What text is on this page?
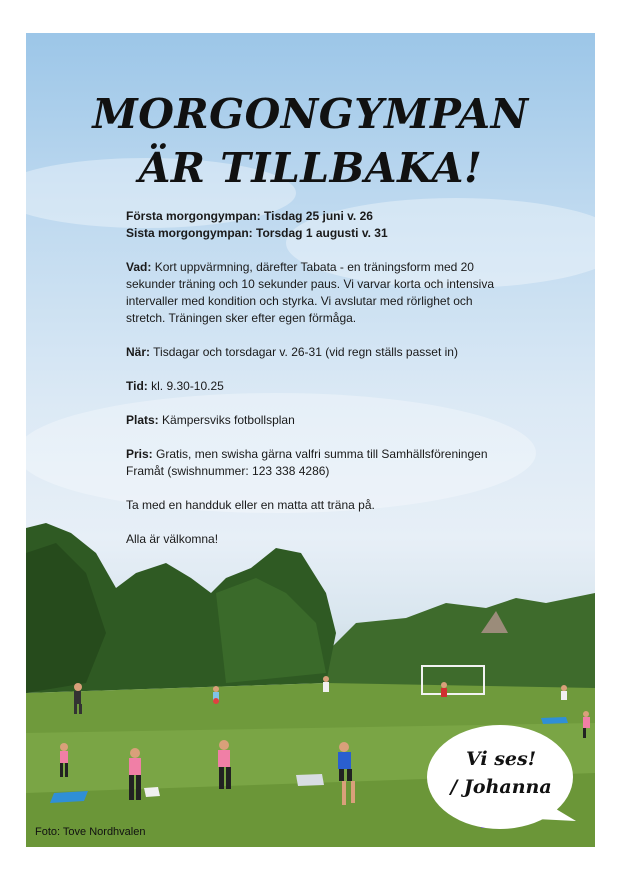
MORGONGYMPAN
ÄR TILLBAKA!

Första morgongympan: Tisdag 25 juni v. 26

Sista morgongympan: Torsdag 1 augusti v. 31

Vad: Kort uppvärmning, därefter Tabata - en träningsform med 20 sekunder träning och 10 sekunder paus. Vi varvar korta och intensiva intervaller med kondition och styrka. Vi avslutar med rörlighet och stretch. Träningen sker efter egen förmåga.

När: Tisdagar och torsdagar v. 26-31 (vid regn ställs passet in)

Tid: kl. 9.30-10.25

Plats: Kämpersviks fotbollsplan

Pris: Gratis, men swisha gärna valfri summa till Samhällsföreningen Framåt (swishnummer: 123 338 4286)

Ta med en handduk eller en matta att träna på.

Alla är välkomna!

Vi ses!
/ Johanna
Foto: Tove Nordhvalen
